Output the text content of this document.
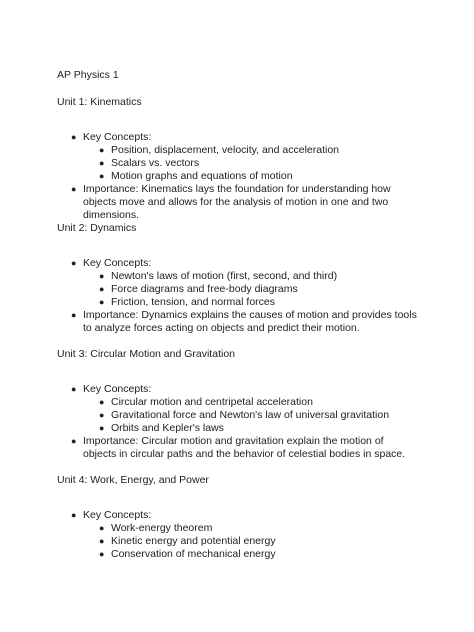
AP Physics 1

Unit 1: Kinematics

● Key Concepts:
● Position, displacement, velocity, and acceleration
● Scalars vs. vectors
● Motion graphs and equations of motion
● Importance: Kinematics lays the foundation for understanding how objects move and allows for the analysis of motion in one and two dimensions.

Unit 2: Dynamics

● Key Concepts:
● Newton's laws of motion (first, second, and third)
● Force diagrams and free-body diagrams
● Friction, tension, and normal forces
● Importance: Dynamics explains the causes of motion and provides tools to analyze forces acting on objects and predict their motion.

Unit 3: Circular Motion and Gravitation

● Key Concepts:
● Circular motion and centripetal acceleration
● Gravitational force and Newton's law of universal gravitation
● Orbits and Kepler's laws
● Importance: Circular motion and gravitation explain the motion of objects in circular paths and the behavior of celestial bodies in space.

Unit 4: Work, Energy, and Power

● Key Concepts:
● Work-energy theorem
● Kinetic energy and potential energy
● Conservation of mechanical energy
